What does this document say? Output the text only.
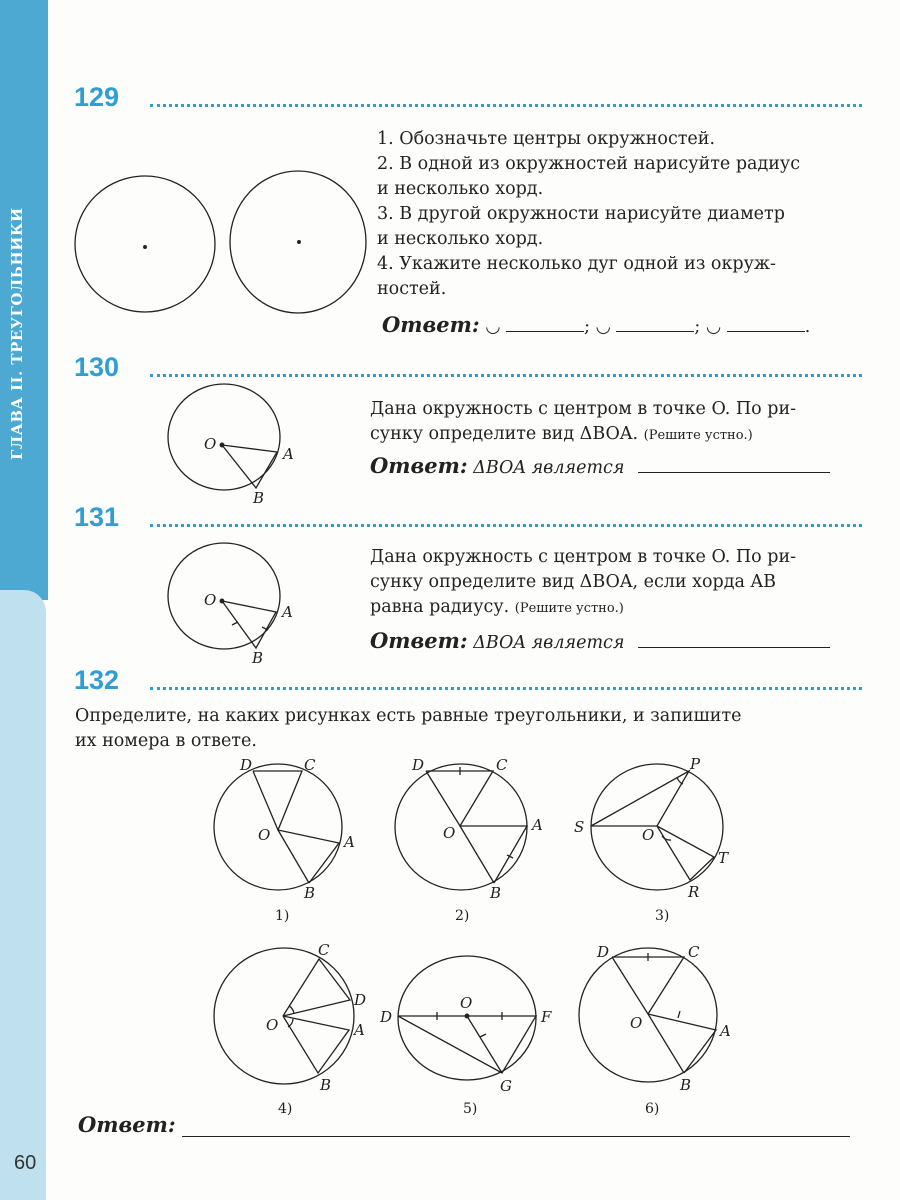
ГЛАВА II. ТРЕУГОЛЬНИКИ
60
129
1. Обозначьте центры окружностей.
2. В одной из окружностей нарисуйте радиус
и несколько хорд.
3. В другой окружности нарисуйте диаметр
и несколько хорд.
4. Укажите несколько дуг одной из окруж-
ностей.
Ответ: ◡	; ◡	; ◡	.
130
Дана окружность с центром в точке O. По ри-
сунку определите вид ΔBOA. (Решите устно.)
Ответ: ΔBOA является
131
Дана окружность с центром в точке O. По ри-
сунку определите вид ΔBOA, если хорда AB
равна радиусу. (Решите устно.)
Ответ: ΔBOA является
132
Определите, на каких рисунках есть равные треугольники, и запишите
их номера в ответе.
Ответ:
O
A
B
O
A
B
D	C
O	A
B
1)
D	C
O	A
B
2)
S
P
O
T
R
3)
C
D
O	A
B
4)
O
D	F
G
5)
D	C
O	A
B
6)
